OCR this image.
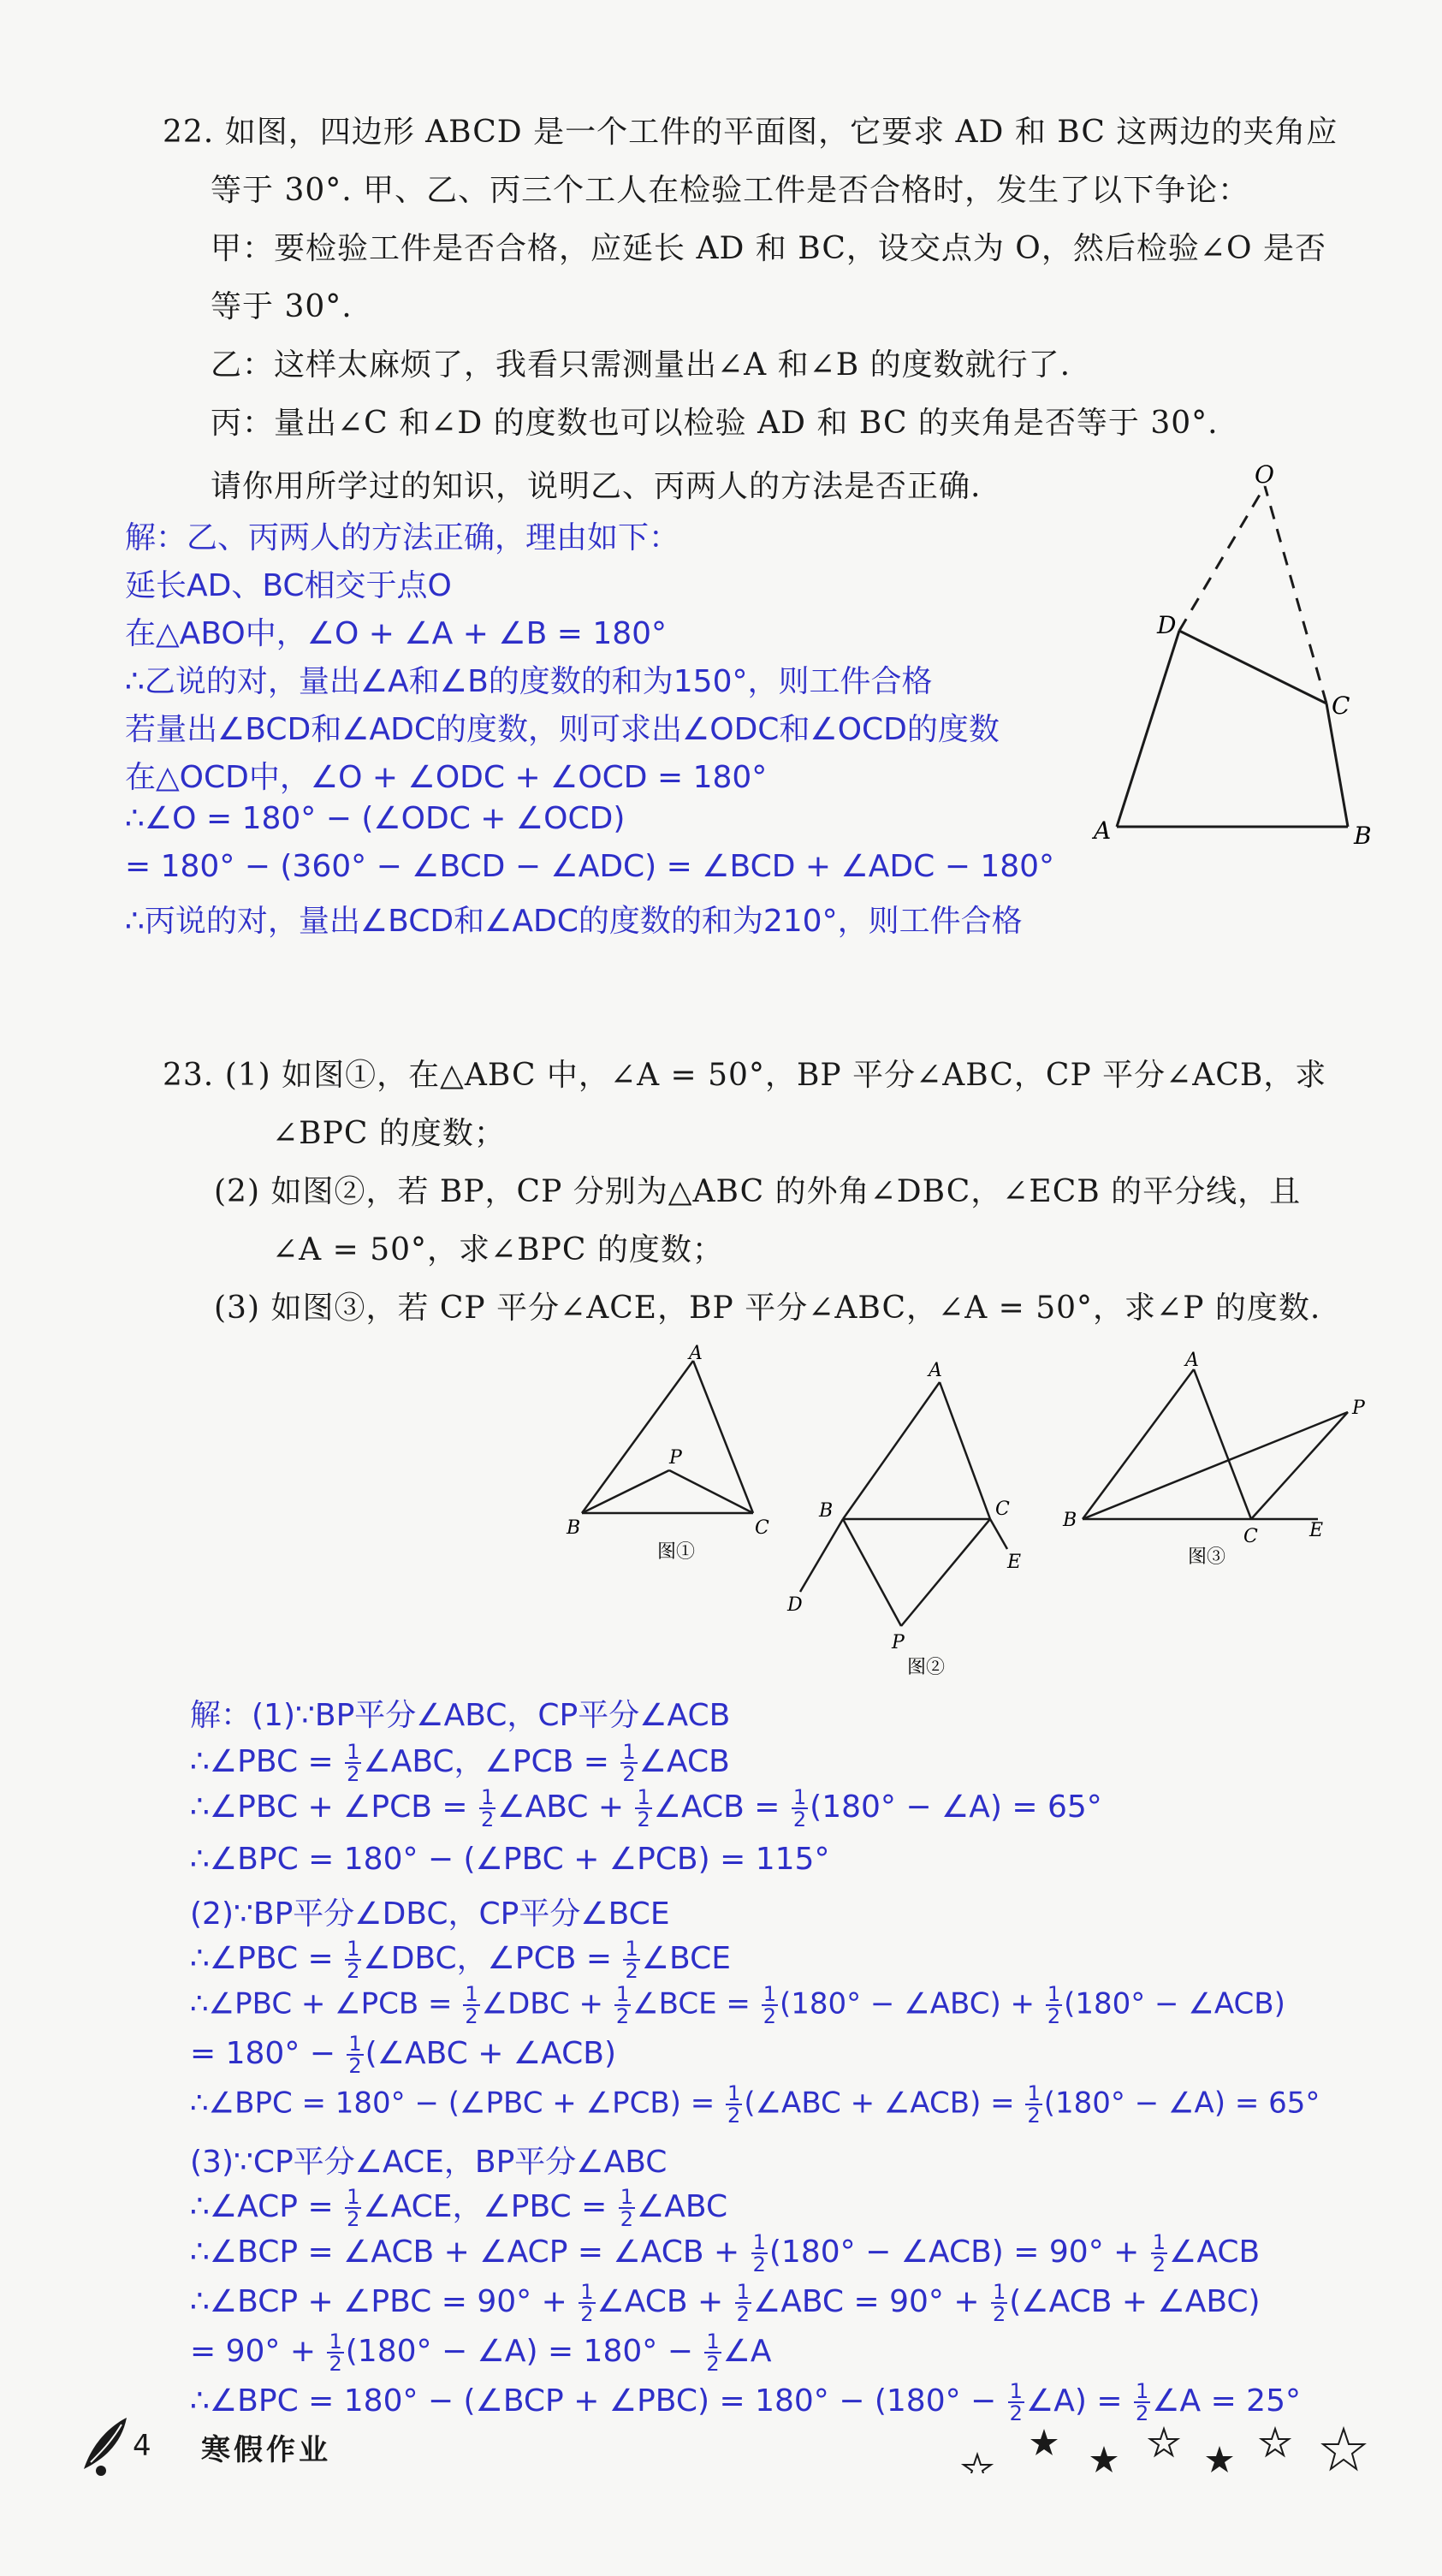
22. 如图，四边形 ABCD 是一个工件的平面图，它要求 AD 和 BC 这两边的夹角应
等于 30°. 甲、乙、丙三个工人在检验工件是否合格时，发生了以下争论：
甲：要检验工件是否合格，应延长 AD 和 BC，设交点为 O，然后检验∠O 是否
等于 30°.
乙：这样太麻烦了，我看只需测量出∠A 和∠B 的度数就行了.
丙：量出∠C 和∠D 的度数也可以检验 AD 和 BC 的夹角是否等于 30°.
请你用所学过的知识，说明乙、丙两人的方法是否正确.
解：乙、丙两人的方法正确，理由如下：
延长AD、BC相交于点O
在△ABO中，∠O + ∠A + ∠B = 180°
∴乙说的对，量出∠A和∠B的度数的和为150°，则工件合格
若量出∠BCD和∠ADC的度数，则可求出∠ODC和∠OCD的度数
在△OCD中，∠O + ∠ODC + ∠OCD = 180°
∴∠O = 180° − (∠ODC + ∠OCD)
= 180° − (360° − ∠BCD − ∠ADC) = ∠BCD + ∠ADC − 180°
∴丙说的对，量出∠BCD和∠ADC的度数的和为210°，则工件合格
O
D
C
A	B
23. (1) 如图①，在△ABC 中，∠A = 50°，BP 平分∠ABC，CP 平分∠ACB，求
∠BPC 的度数；
(2) 如图②，若 BP，CP 分别为△ABC 的外角∠DBC，∠ECB 的平分线，且
∠A = 50°，求∠BPC 的度数；
(3) 如图③，若 CP 平分∠ACE，BP 平分∠ABC，∠A = 50°，求∠P 的度数.
A
B	C
P
图①
A
B	C
D
E
P
图②
A
B
C	E
P
图③
解：(1)∵BP平分∠ABC，CP平分∠ACB
∴∠PBC = $\frac{1}{2}$ ∠ABC，∠PCB = $\frac{1}{2}$ ∠ACB
∴∠PBC + ∠PCB = $\frac{1}{2}$ ∠ABC + $\frac{1}{2}$ ∠ACB = $\frac{1}{2} (180^\circ$ − ∠A) = 65°
∴∠BPC = 180° − (∠PBC + ∠PCB) = 115°
(2)∵BP平分∠DBC，CP平分∠BCE
∴∠PBC = $\frac{1}{2}$ ∠DBC，∠PCB = $\frac{1}{2}$ ∠BCE
∴∠PBC + ∠PCB = $\frac{1}{2}$ ∠DBC + $\frac{1}{2}$ ∠BCE = $\frac{1}{2} (180^\circ$ − ∠ABC) + $\frac{1}{2} (180^\circ$ − ∠ACB)
= $180^\circ - \frac{1}{2}$ (∠ABC + ∠ACB)
∴∠BPC = 180° − (∠PBC + ∠PCB) = $\frac{1}{2}$ (∠ABC + ∠ACB) = $\frac{1}{2} (180^\circ$ − ∠A) = 65°
(3)∵CP平分∠ACE，BP平分∠ABC
∴∠ACP = $\frac{1}{2}$ ∠ACE，∠PBC = $\frac{1}{2}$ ∠ABC
∴∠BCP = ∠ACB + ∠ACP = ∠ACB + $\frac{1}{2} (180^\circ$ − ∠ACB) = $90^\circ + \frac{1}{2}$ ∠ACB
∴∠BCP + ∠PBC = $90^\circ + \frac{1}{2}$ ∠ACB + $\frac{1}{2}$ ∠ABC = $90^\circ + \frac{1}{2}$ (∠ACB + ∠ABC)
= $90^\circ + \frac{1}{2} (180^\circ$ − ∠A) = $180^\circ - \frac{1}{2}$ ∠A
∴∠BPC = 180° − (∠BCP + ∠PBC) = $180^\circ - (180^\circ - \frac{1}{2}$ ∠A) = $\frac{1}{2}$ ∠A = 25°
4 寒假作业
